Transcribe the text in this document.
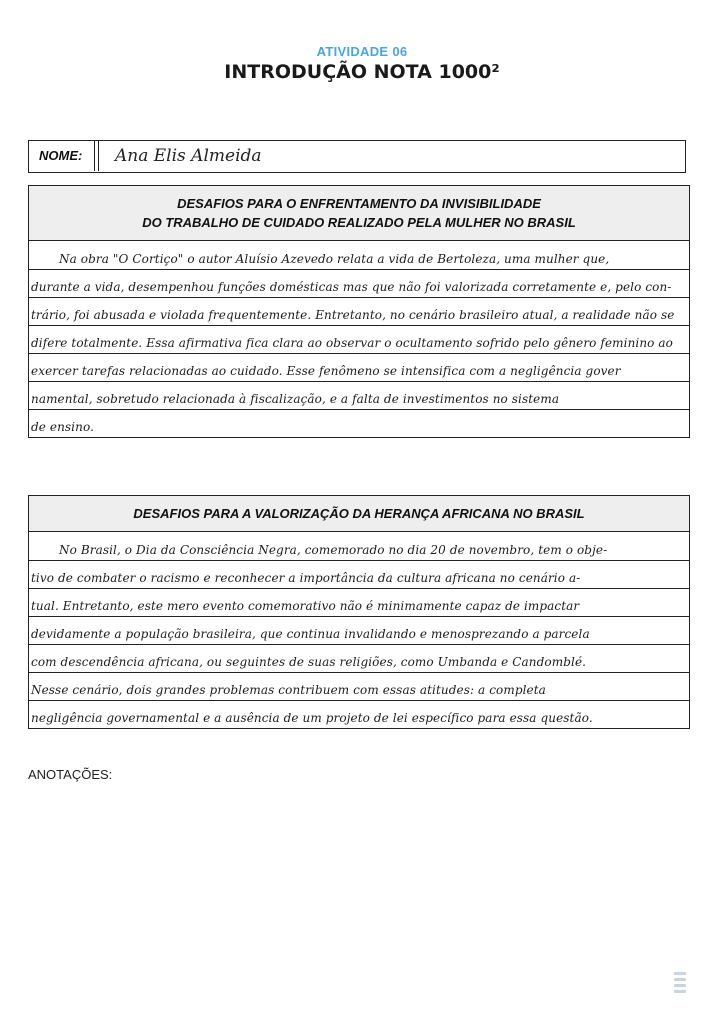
ATIVIDADE 06
INTRODUÇÃO NOTA 1000²
NOME:	Ana Elis Almeida
DESAFIOS PARA O ENFRENTAMENTO DA INVISIBILIDADE
DO TRABALHO DE CUIDADO REALIZADO PELA MULHER NO BRASIL
Na obra "O Cortiço" o autor Aluísio Azevedo relata a vida de Bertoleza, uma mulher que,
durante a vida, desempenhou funções domésticas mas que não foi valorizada corretamente e, pelo con-
trário, foi abusada e violada frequentemente. Entretanto, no cenário brasileiro atual, a realidade não se
difere totalmente. Essa afirmativa fica clara ao observar o ocultamento sofrido pelo gênero feminino ao
exercer tarefas relacionadas ao cuidado. Esse fenômeno se intensifica com a negligência gover
namental, sobretudo relacionada à fiscalização, e a falta de investimentos no sistema
de ensino.
DESAFIOS PARA A VALORIZAÇÃO DA HERANÇA AFRICANA NO BRASIL
No Brasil, o Dia da Consciência Negra, comemorado no dia 20 de novembro, tem o obje-
tivo de combater o racismo e reconhecer a importância da cultura africana no cenário a-
tual. Entretanto, este mero evento comemorativo não é minimamente capaz de impactar
devidamente a população brasileira, que continua invalidando e menosprezando a parcela
com descendência africana, ou seguintes de suas religiões, como Umbanda e Candomblé.
Nesse cenário, dois grandes problemas contribuem com essas atitudes: a completa
negligência governamental e a ausência de um projeto de lei específico para essa questão.
ANOTAÇÕES:
